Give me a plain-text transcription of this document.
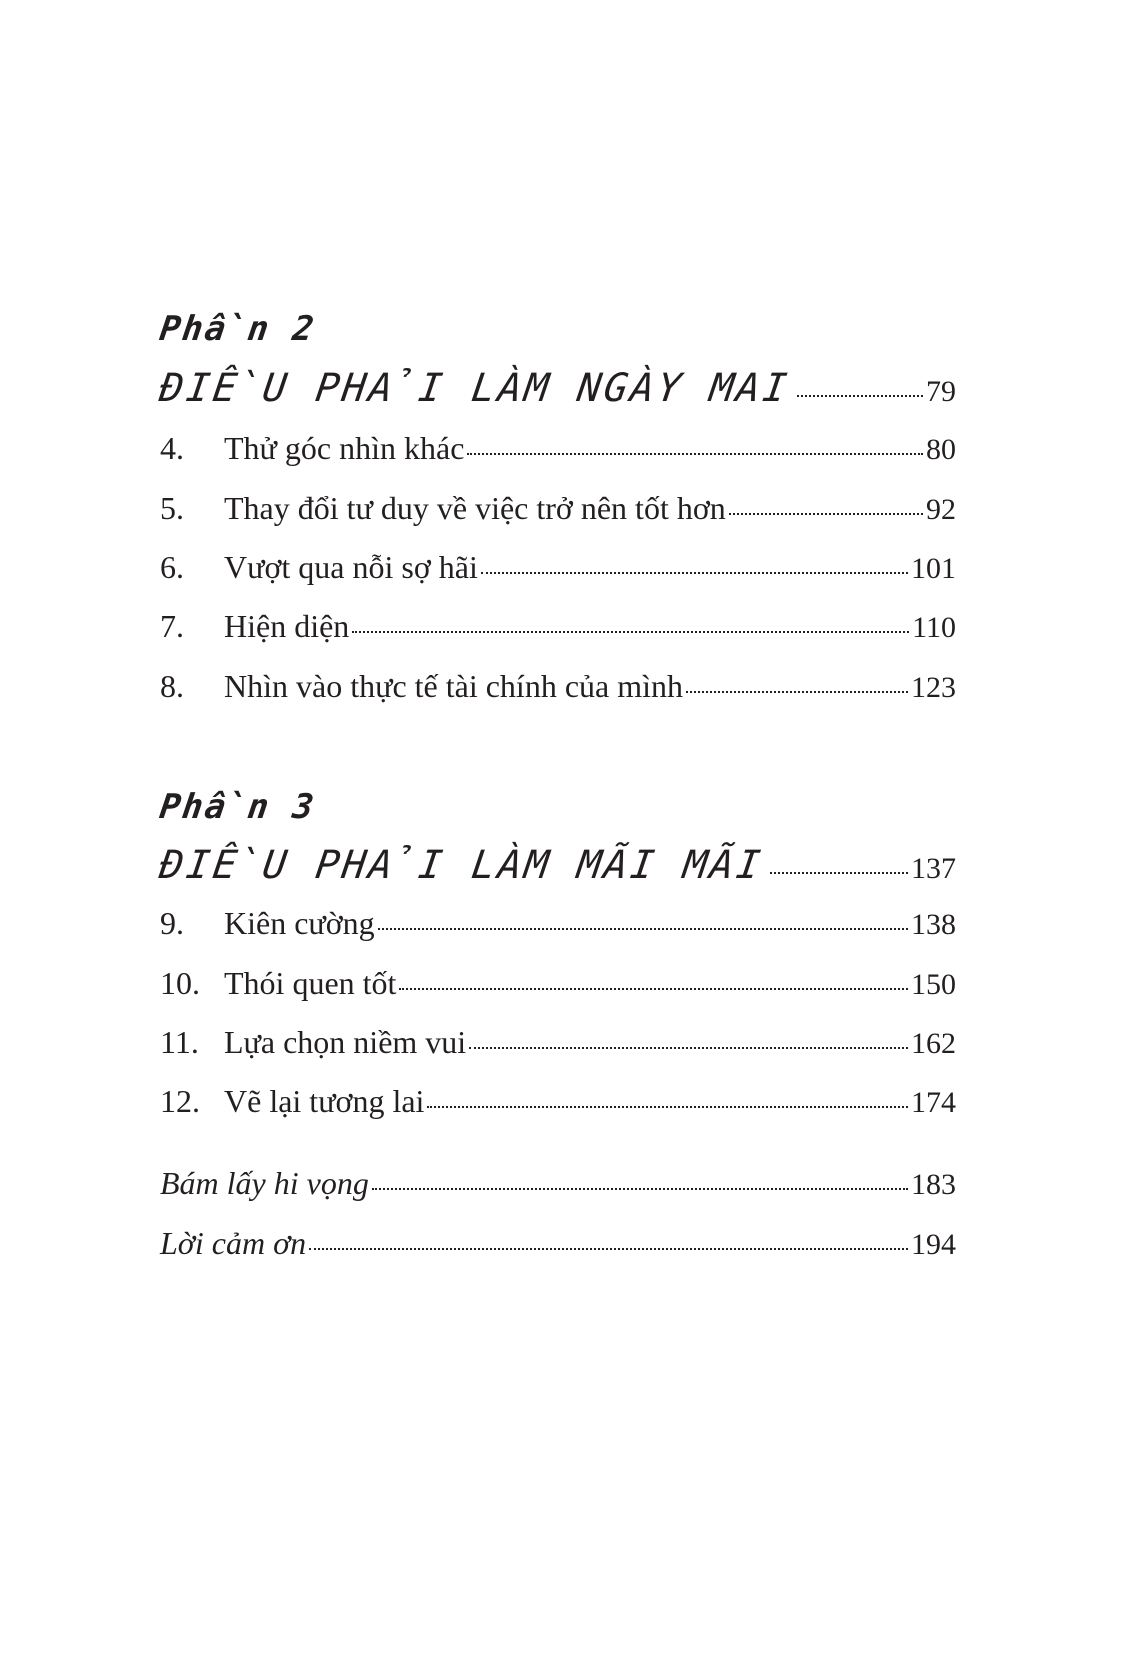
Phần 2
ĐIỀU PHẢI LÀM NGÀY MAI	79
4.	Thử góc nhìn khác	80
5.	Thay đổi tư duy về việc trở nên tốt hơn	92
6.	Vượt qua nỗi sợ hãi	101
7.	Hiện diện	110
8.	Nhìn vào thực tế tài chính của mình	123
Phần 3
ĐIỀU PHẢI LÀM MÃI MÃI	137
9.	Kiên cường	138
10. Thói quen tốt	150
11. Lựa chọn niềm vui	162
12. Vẽ lại tương lai	174
Bám lấy hi vọng	183
Lời cảm ơn	194
